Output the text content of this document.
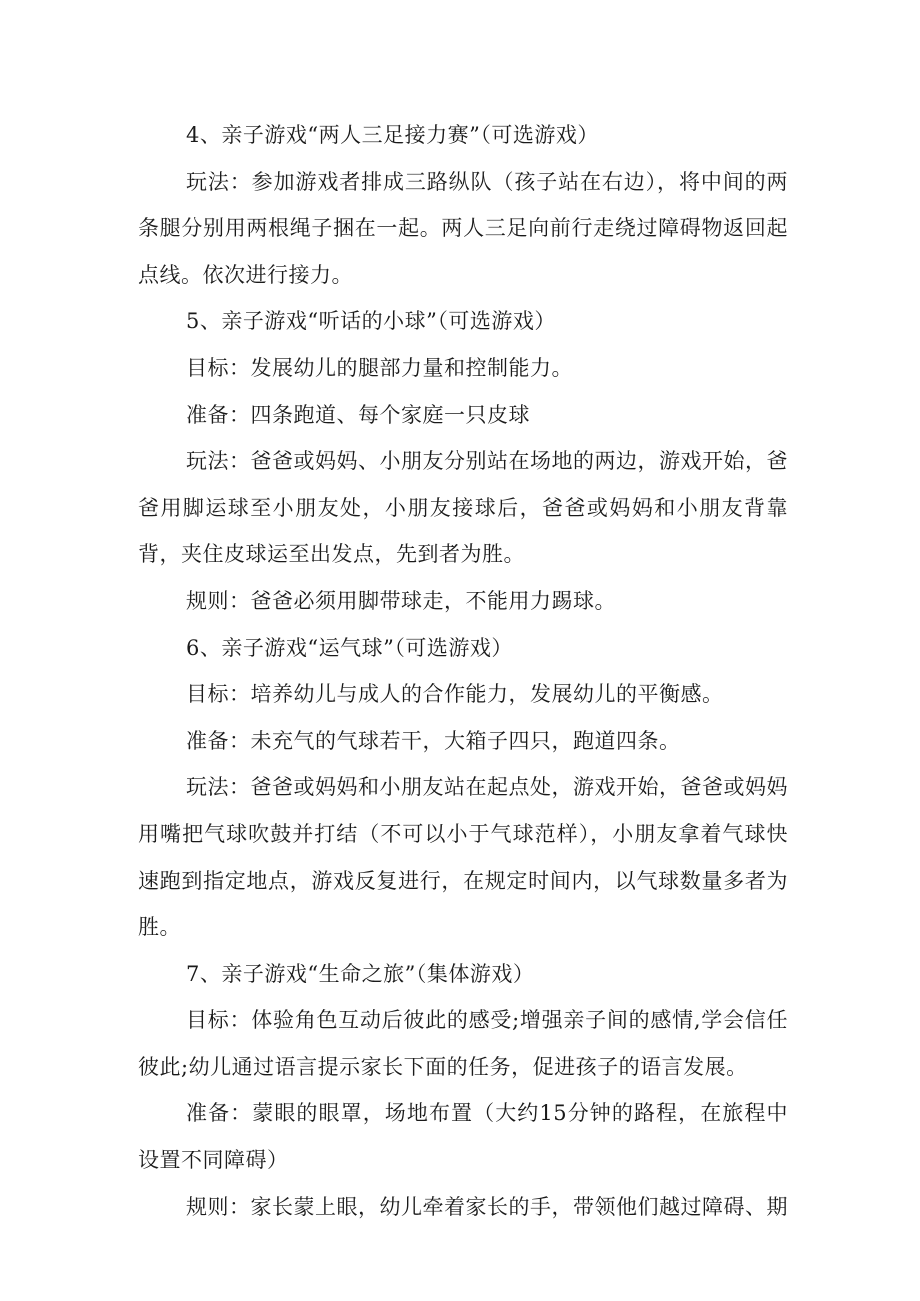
4、亲子游戏“两人三足接力赛”（可选游戏）

玩法：参加游戏者排成三路纵队（孩子站在右边），将中间的两条腿分别用两根绳子捆在一起。两人三足向前行走绕过障碍物返回起点线。依次进行接力。

5、亲子游戏“听话的小球”（可选游戏）

目标：发展幼儿的腿部力量和控制能力。

准备：四条跑道、每个家庭一只皮球

玩法：爸爸或妈妈、小朋友分别站在场地的两边，游戏开始，爸爸用脚运球至小朋友处，小朋友接球后，爸爸或妈妈和小朋友背靠背，夹住皮球运至出发点，先到者为胜。

规则：爸爸必须用脚带球走，不能用力踢球。

6、亲子游戏“运气球”（可选游戏）

目标：培养幼儿与成人的合作能力，发展幼儿的平衡感。

准备：未充气的气球若干，大箱子四只，跑道四条。

玩法：爸爸或妈妈和小朋友站在起点处，游戏开始，爸爸或妈妈用嘴把气球吹鼓并打结（不可以小于气球范样），小朋友拿着气球快速跑到指定地点，游戏反复进行，在规定时间内，以气球数量多者为胜。

7、亲子游戏“生命之旅”（集体游戏）

目标：体验角色互动后彼此的感受;增强亲子间的感情,学会信任彼此;幼儿通过语言提示家长下面的任务，促进孩子的语言发展。

准备：蒙眼的眼罩，场地布置（大约15分钟的路程，在旅程中设置不同障碍）

规则：家长蒙上眼，幼儿牵着家长的手，带领他们越过障碍、期
